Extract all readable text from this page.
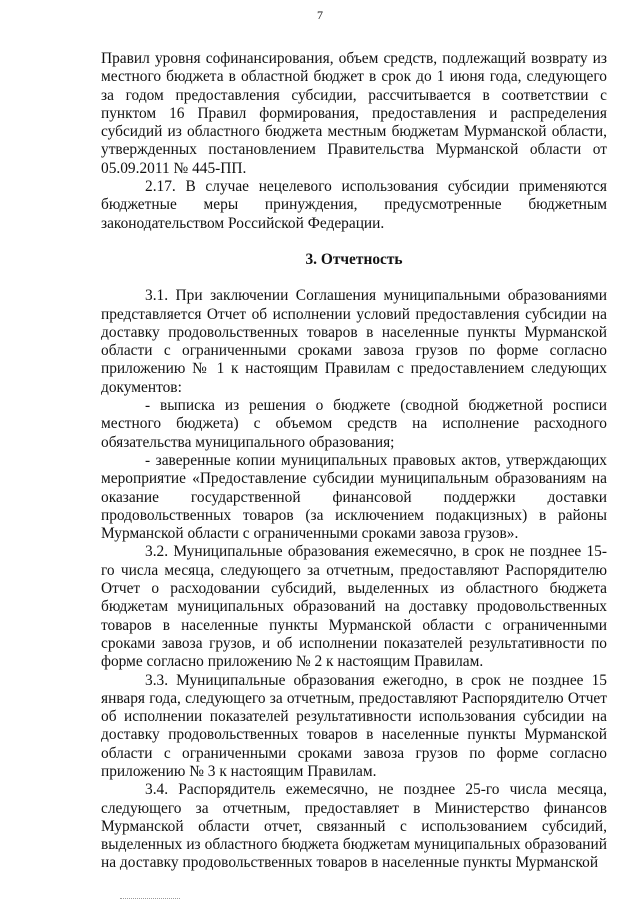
7

Правил уровня софинансирования, объем средств, подлежащий возврату из местного бюджета в областной бюджет в срок до 1 июня года, следующего за годом предоставления субсидии, рассчитывается в соответствии с пунктом 16 Правил формирования, предоставления и распределения субсидий из областного бюджета местным бюджетам Мурманской области, утвержденных постановлением Правительства Мурманской области от 05.09.2011 № 445-ПП.

2.17. В случае нецелевого использования субсидии применяются бюджетные меры принуждения, предусмотренные бюджетным законодательством Российской Федерации.

3. Отчетность

3.1. При заключении Соглашения муниципальными образованиями представляется Отчет об исполнении условий предоставления субсидии на доставку продовольственных товаров в населенные пункты Мурманской области с ограниченными сроками завоза грузов по форме согласно приложению № 1 к настоящим Правилам с предоставлением следующих документов:

- выписка из решения о бюджете (сводной бюджетной росписи местного бюджета) с объемом средств на исполнение расходного обязательства муниципального образования;

- заверенные копии муниципальных правовых актов, утверждающих мероприятие «Предоставление субсидии муниципальным образованиям на оказание государственной финансовой поддержки доставки продовольственных товаров (за исключением подакцизных) в районы Мурманской области с ограниченными сроками завоза грузов».

3.2. Муниципальные образования ежемесячно, в срок не позднее 15-го числа месяца, следующего за отчетным, предоставляют Распорядителю Отчет о расходовании субсидий, выделенных из областного бюджета бюджетам муниципальных образований на доставку продовольственных товаров в населенные пункты Мурманской области с ограниченными сроками завоза грузов, и об исполнении показателей результативности по форме согласно приложению № 2 к настоящим Правилам.

3.3. Муниципальные образования ежегодно, в срок не позднее 15 января года, следующего за отчетным, предоставляют Распорядителю Отчет об исполнении показателей результативности использования субсидии на доставку продовольственных товаров в населенные пункты Мурманской области с ограниченными сроками завоза грузов по форме согласно приложению № 3 к настоящим Правилам.

3.4. Распорядитель ежемесячно, не позднее 25-го числа месяца, следующего за отчетным, предоставляет в Министерство финансов Мурманской области отчет, связанный с использованием субсидий, выделенных из областного бюджета бюджетам муниципальных образований на доставку продовольственных товаров в населенные пункты Мурманской
